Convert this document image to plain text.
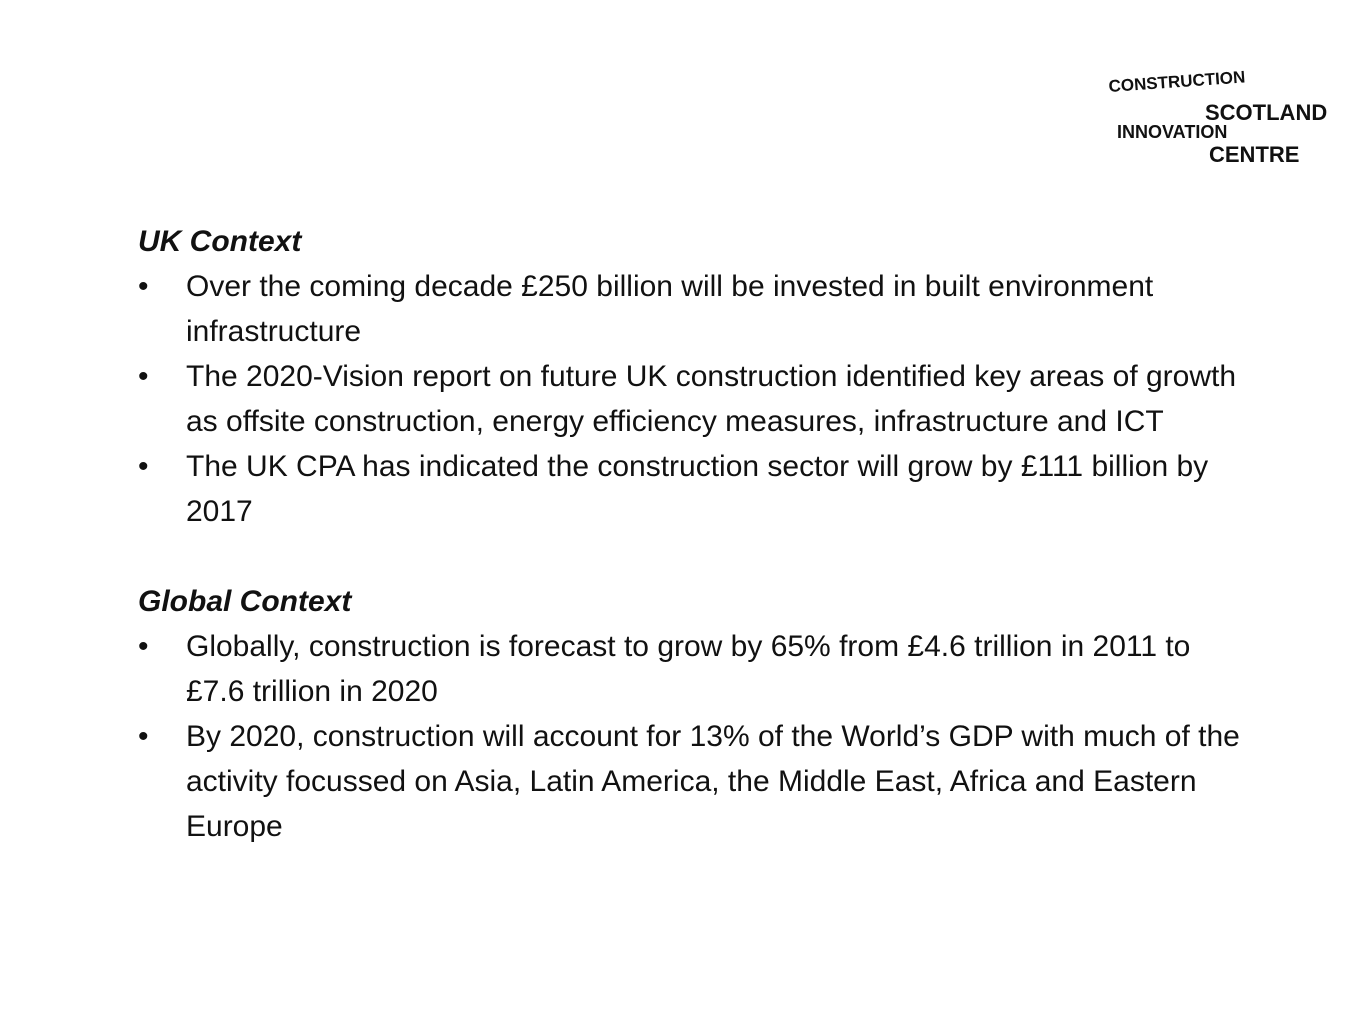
CONSTRUCTION
SCOTLAND
INNOVATION
CENTRE
UK Context
•	Over the coming decade £250 billion will be invested in built environment infrastructure
•	The 2020-Vision report on future UK construction identified key areas of growth as offsite construction, energy efficiency measures, infrastructure and ICT
•	The UK CPA has indicated the construction sector will grow by £111 billion by 2017
Global Context
•	Globally, construction is forecast to grow by 65% from £4.6 trillion in 2011 to £7.6 trillion in 2020
•	By 2020, construction will account for 13% of the World’s GDP with much of the activity focussed on Asia, Latin America, the Middle East, Africa and Eastern Europe
